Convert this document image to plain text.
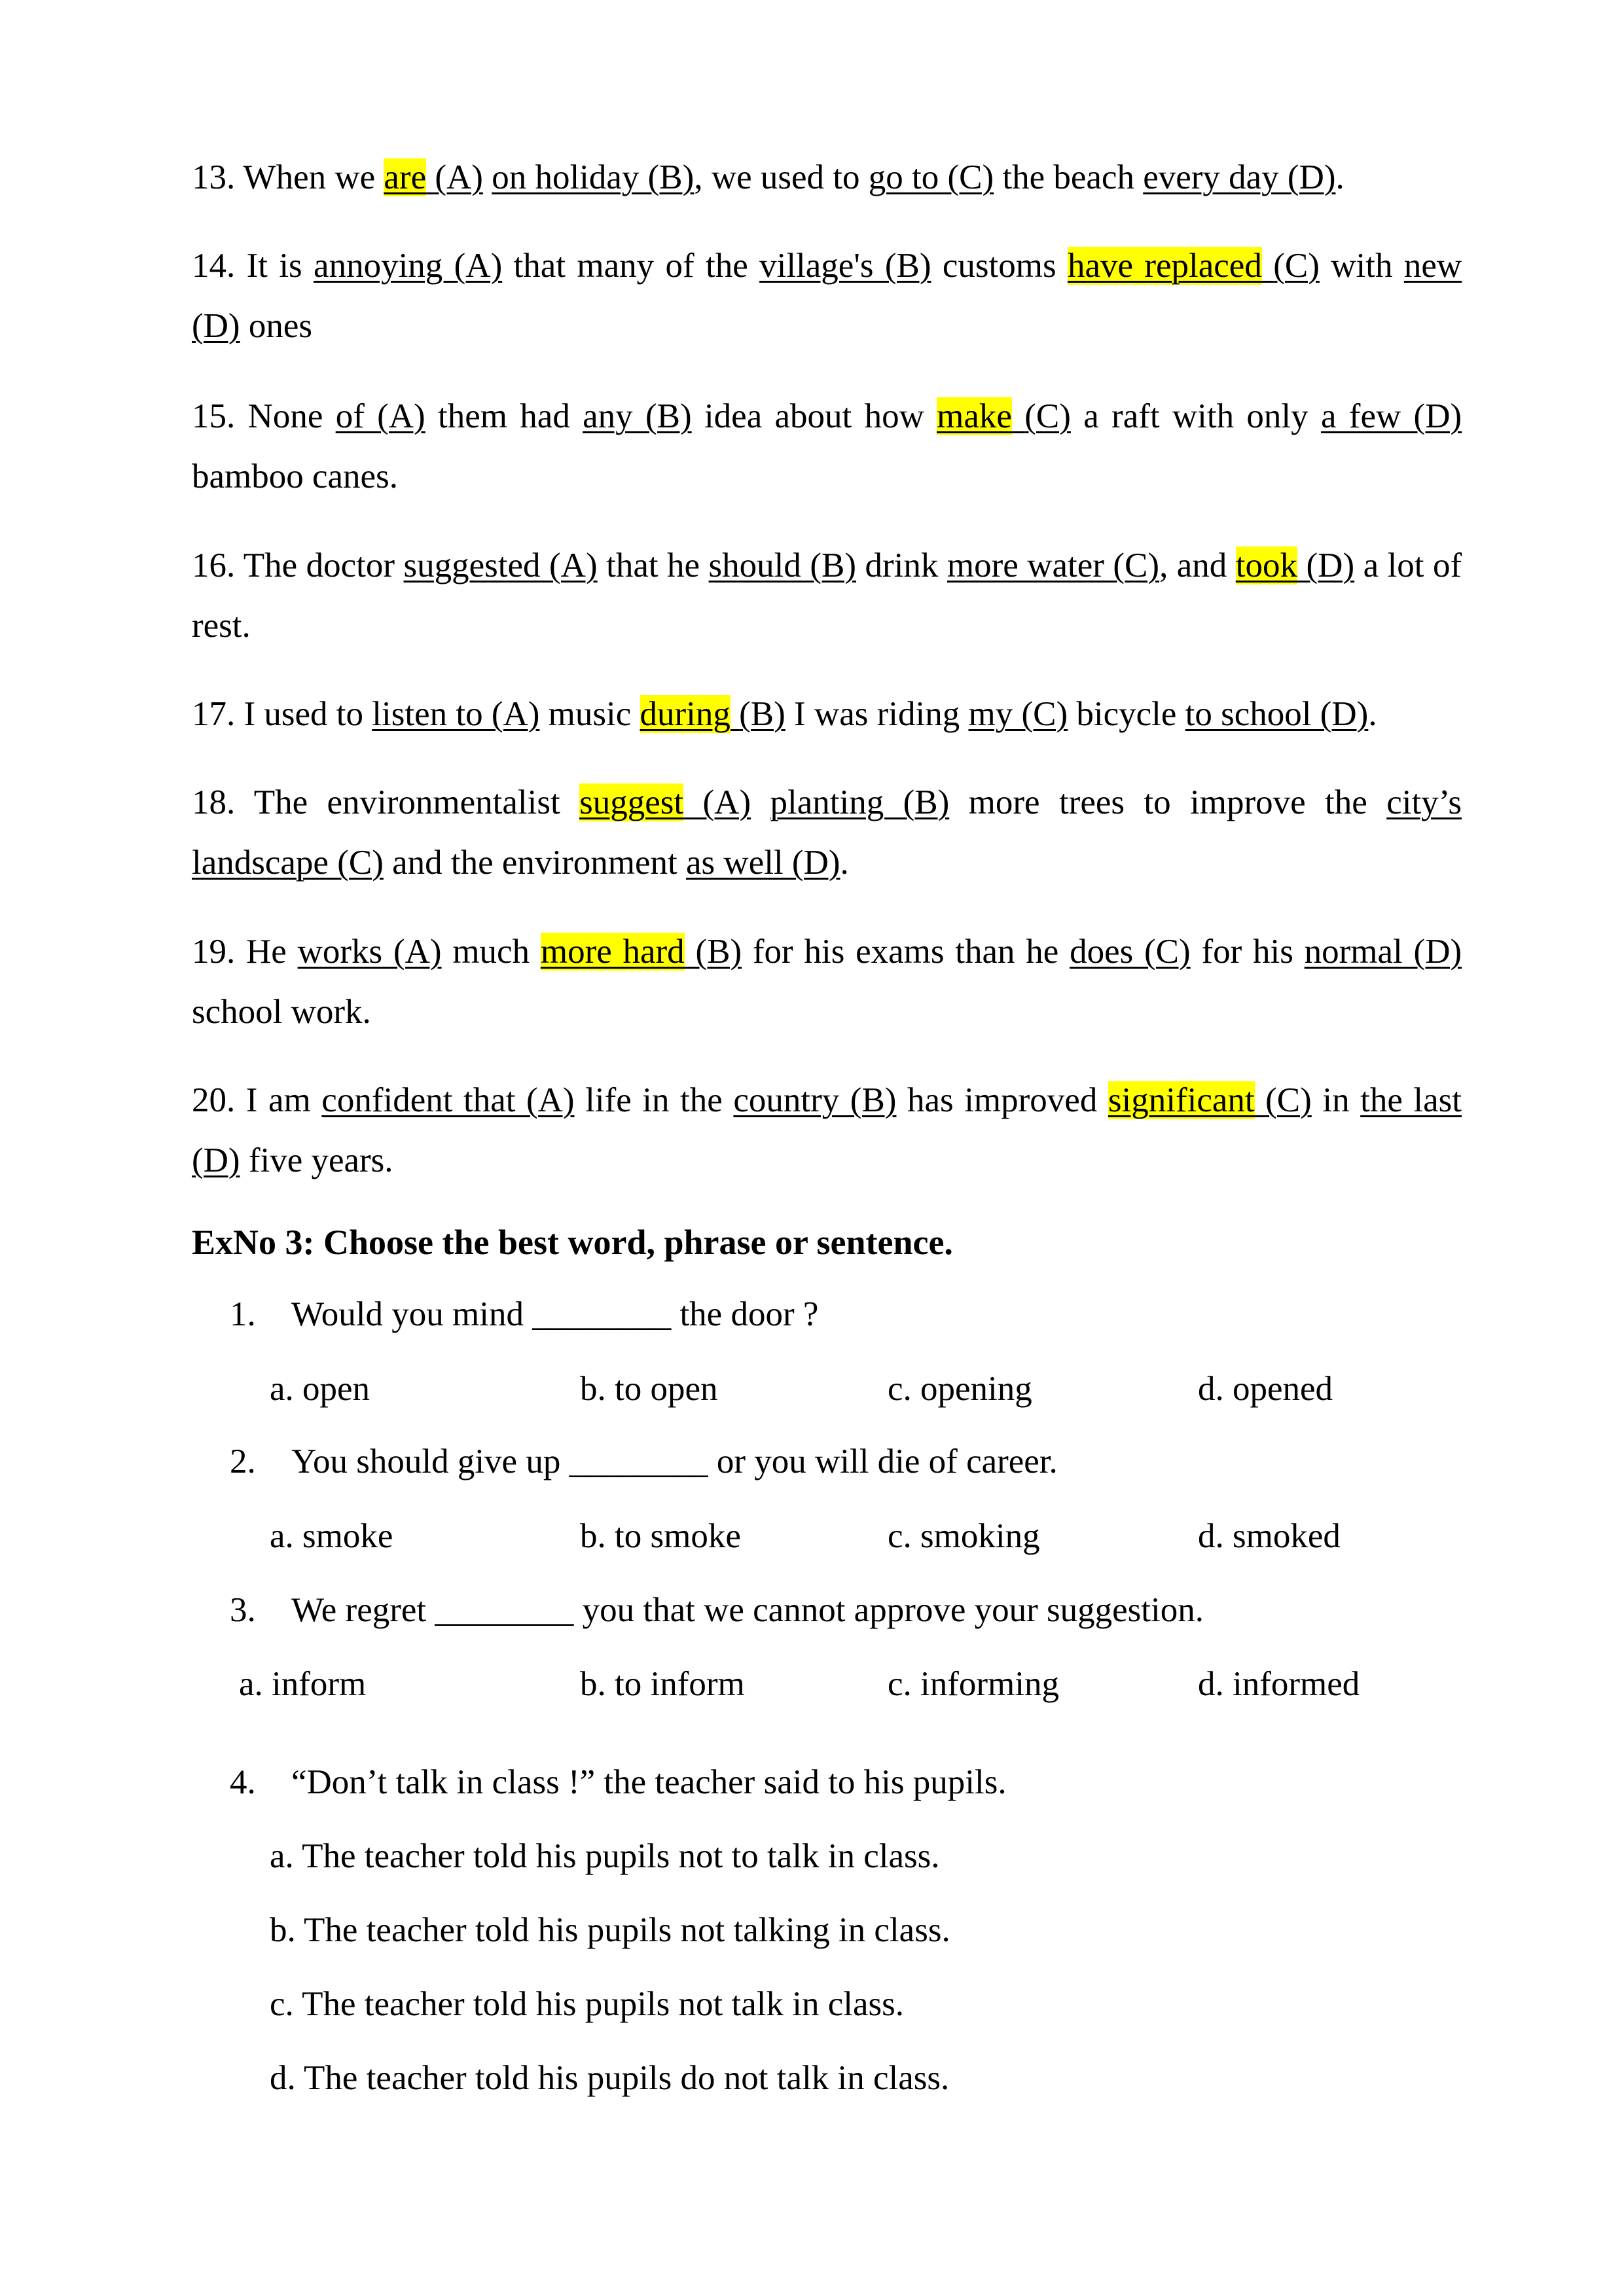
13. When we are (A) on holiday (B), we used to go to (C) the beach every day (D).
14. It is annoying (A) that many of the village's (B) customs have replaced (C) with new (D) ones
15. None of (A) them had any (B) idea about how make (C) a raft with only a few (D) bamboo canes.
16. The doctor suggested (A) that he should (B) drink more water (C), and took (D) a lot of rest.
17. I used to listen to (A) music during (B) I was riding my (C) bicycle to school (D).
18. The environmentalist suggest (A) planting (B) more trees to improve the city’s landscape (C) and the environment as well (D).
19. He works (A) much more hard (B) for his exams than he does (C) for his normal (D) school work.
20. I am confident that (A) life in the country (B) has improved significant (C) in the last (D) five years.
ExNo 3: Choose the best word, phrase or sentence.
1. Would you mind ________ the door ?
a. open	b. to open	c. opening	d. opened
2. You should give up ________ or you will die of career.
a. smoke	b. to smoke	c. smoking	d. smoked
3. We regret ________ you that we cannot approve your suggestion.
a. inform	b. to inform	c. informing	d. informed
4. “Don’t talk in class !” the teacher said to his pupils.
a. The teacher told his pupils not to talk in class.
b. The teacher told his pupils not talking in class.
c. The teacher told his pupils not talk in class.
d. The teacher told his pupils do not talk in class.
